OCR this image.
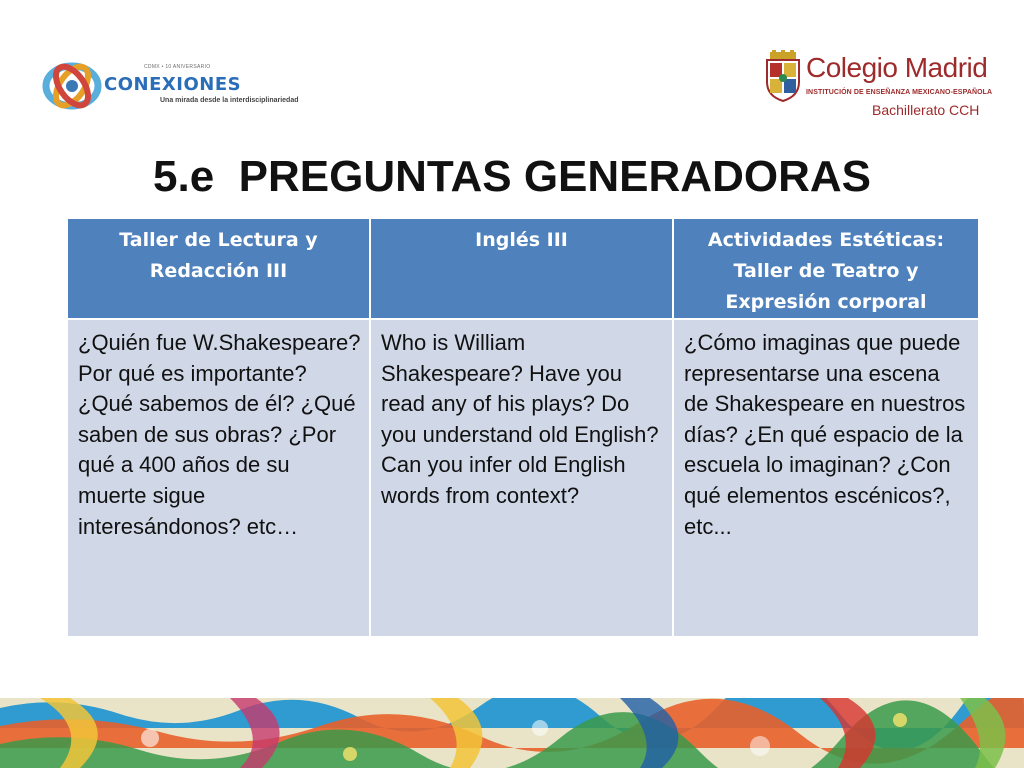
CDMX • 10 ANIVERSARIO
CONEXIONES
Una mirada desde la interdisciplinariedad
Colegio Madrid
INSTITUCIÓN DE ENSEÑANZA MEXICANO-ESPAÑOLA
Bachillerato CCH
5.e  PREGUNTAS GENERADORAS
Taller de Lectura y Redacción III	Inglés III	Actividades Estéticas: Taller de Teatro y Expresión corporal
¿Quién fue W.Shakespeare? Por qué es importante? ¿Qué sabemos de él? ¿Qué saben de sus obras? ¿Por qué a 400 años de su muerte sigue interesándonos? etc…	Who is William Shakespeare? Have you read any of his plays? Do you understand old English? Can you infer old English words from context?	¿Cómo imaginas que puede representarse una escena de Shakespeare en nuestros días? ¿En qué espacio de la escuela lo imaginan? ¿Con qué elementos escénicos?, etc...
